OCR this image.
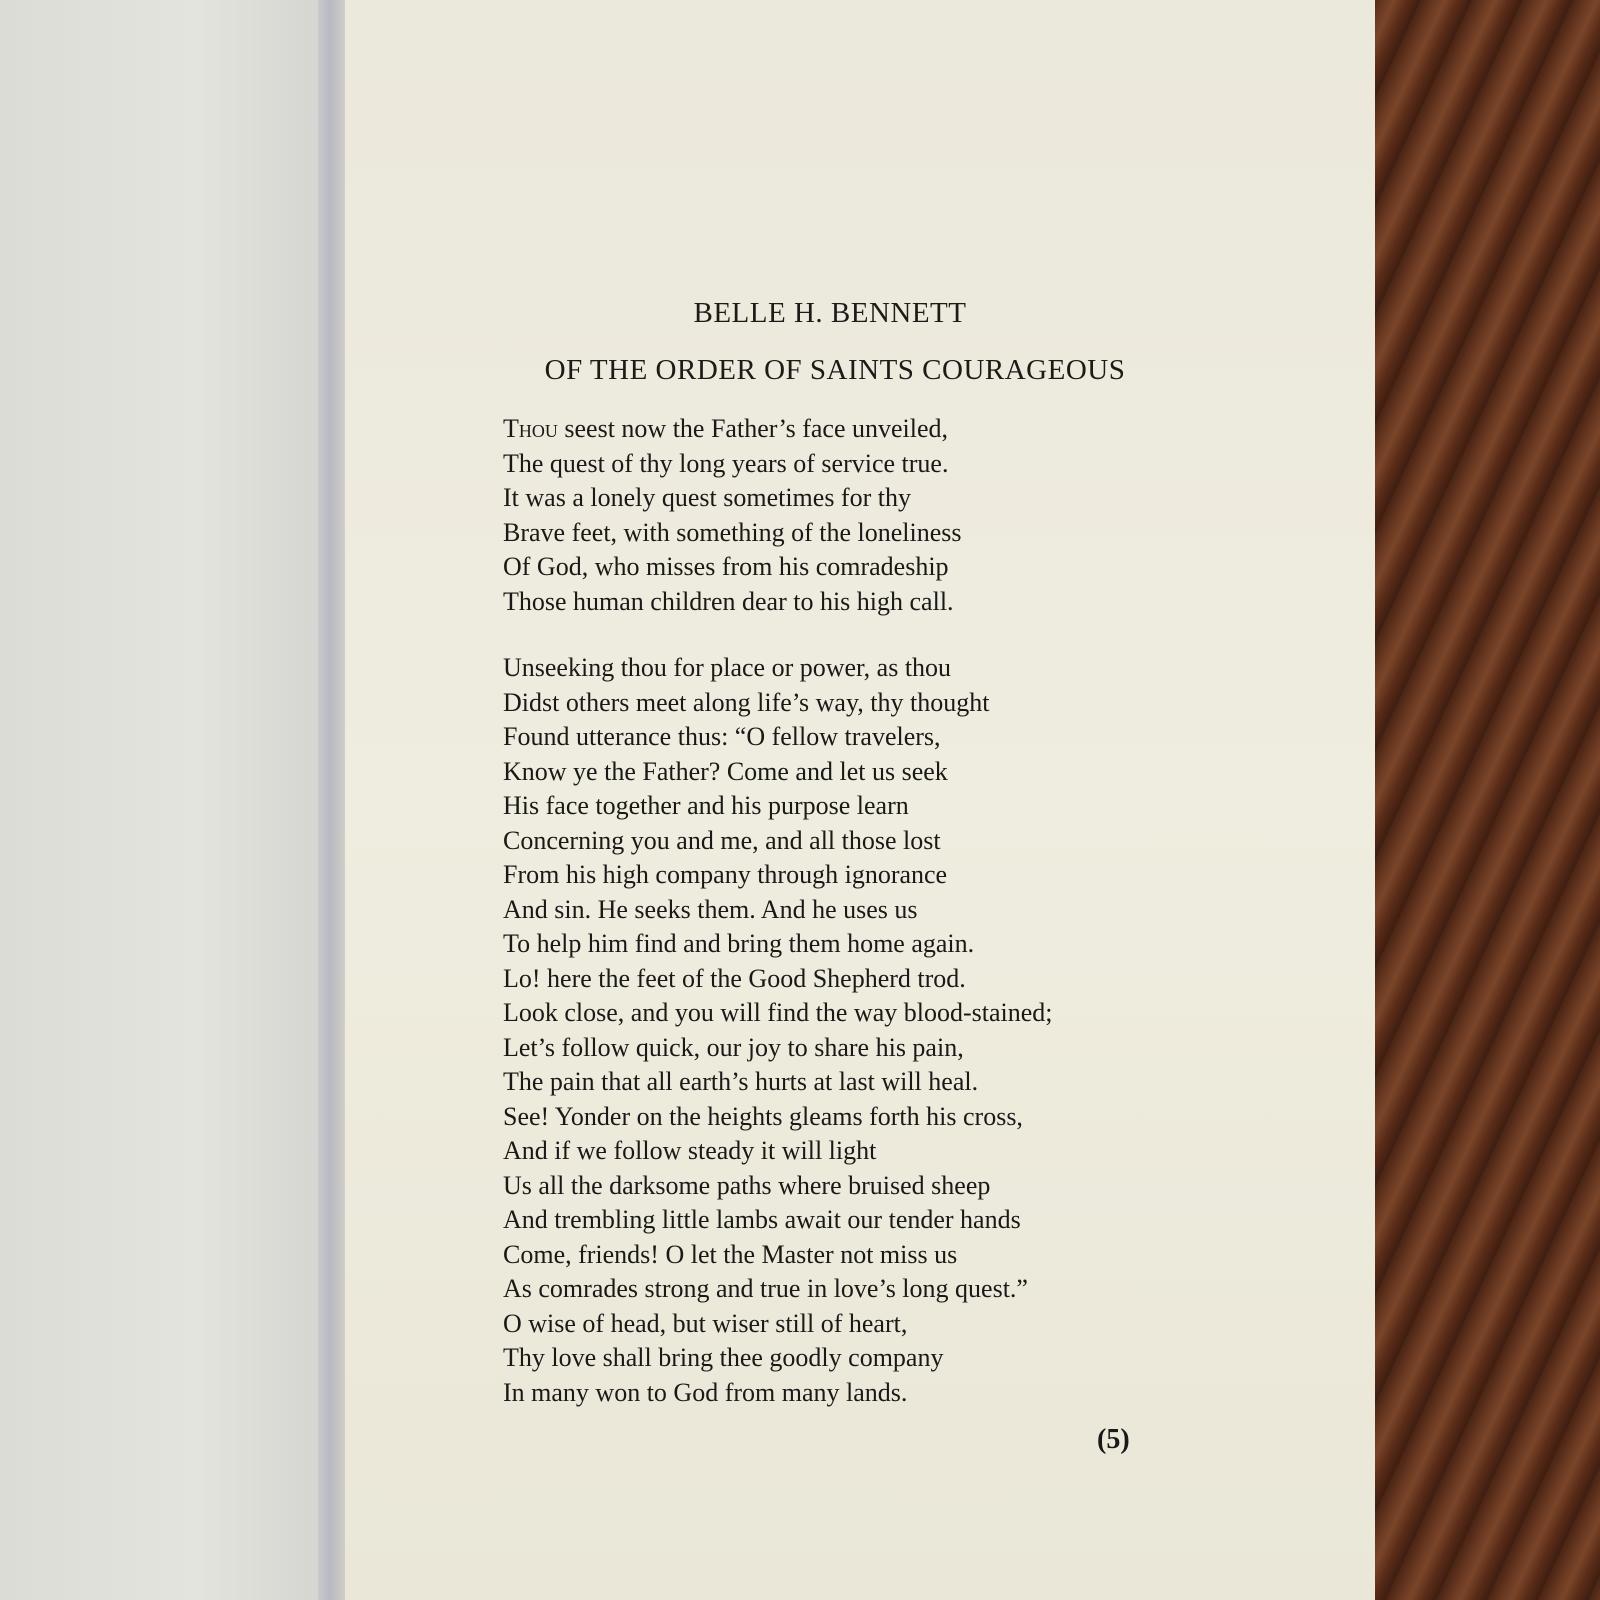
BELLE H. BENNETT
OF THE ORDER OF SAINTS COURAGEOUS
Thou seest now the Father’s face unveiled,
The quest of thy long years of service true.
It was a lonely quest sometimes for thy
Brave feet, with something of the loneliness
Of God, who misses from his comradeship
Those human children dear to his high call.
Unseeking thou for place or power, as thou
Didst others meet along life’s way, thy thought
Found utterance thus: “O fellow travelers,
Know ye the Father? Come and let us seek
His face together and his purpose learn
Concerning you and me, and all those lost
From his high company through ignorance
And sin. He seeks them. And he uses us
To help him find and bring them home again.
Lo! here the feet of the Good Shepherd trod.
Look close, and you will find the way blood-stained;
Let’s follow quick, our joy to share his pain,
The pain that all earth’s hurts at last will heal.
See! Yonder on the heights gleams forth his cross,
And if we follow steady it will light
Us all the darksome paths where bruised sheep
And trembling little lambs await our tender hands
Come, friends! O let the Master not miss us
As comrades strong and true in love’s long quest.”
O wise of head, but wiser still of heart,
Thy love shall bring thee goodly company
In many won to God from many lands.
(5)
